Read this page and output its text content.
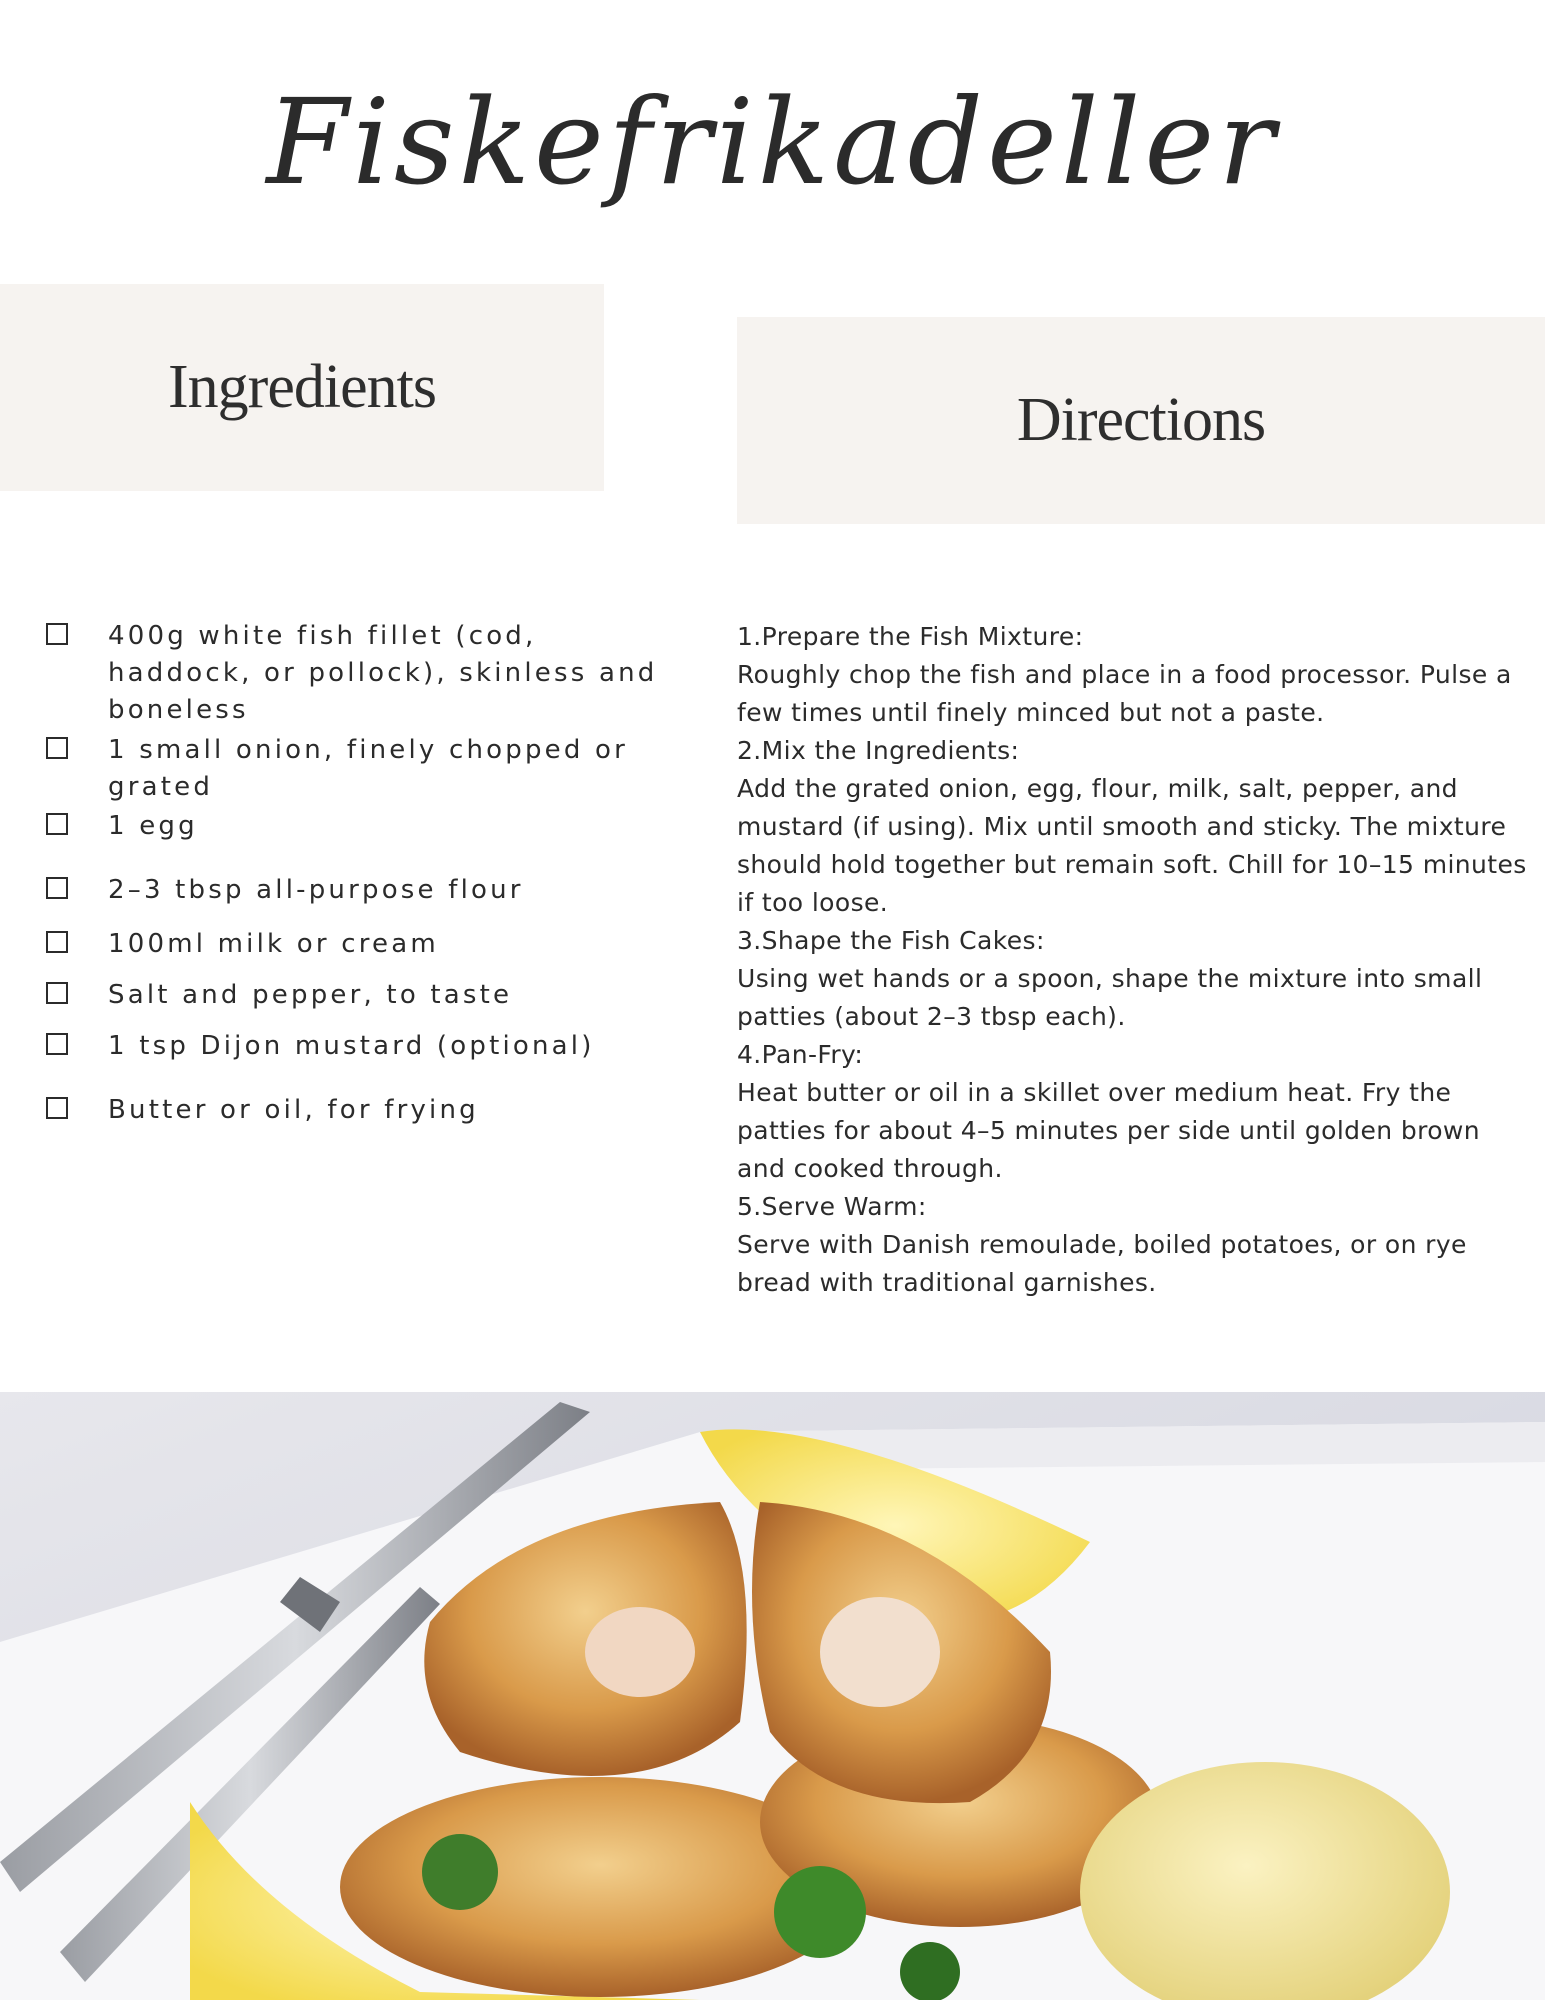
Fiskefrikadeller
Ingredients	Directions
400g white fish fillet (cod, haddock, or pollock), skinless and boneless
1 small onion, finely chopped or grated
1 egg
2–3 tbsp all-purpose flour
100ml milk or cream
Salt and pepper, to taste
1 tsp Dijon mustard (optional)
Butter or oil, for frying
1.Prepare the Fish Mixture:
Roughly chop the fish and place in a food processor. Pulse a few times until finely minced but not a paste.
2.Mix the Ingredients:
Add the grated onion, egg, flour, milk, salt, pepper, and mustard (if using). Mix until smooth and sticky. The mixture should hold together but remain soft. Chill for 10–15 minutes if too loose.
3.Shape the Fish Cakes:
Using wet hands or a spoon, shape the mixture into small patties (about 2–3 tbsp each).
4.Pan-Fry:
Heat butter or oil in a skillet over medium heat. Fry the patties for about 4–5 minutes per side until golden brown and cooked through.
5.Serve Warm:
Serve with Danish remoulade, boiled potatoes, or on rye bread with traditional garnishes.
